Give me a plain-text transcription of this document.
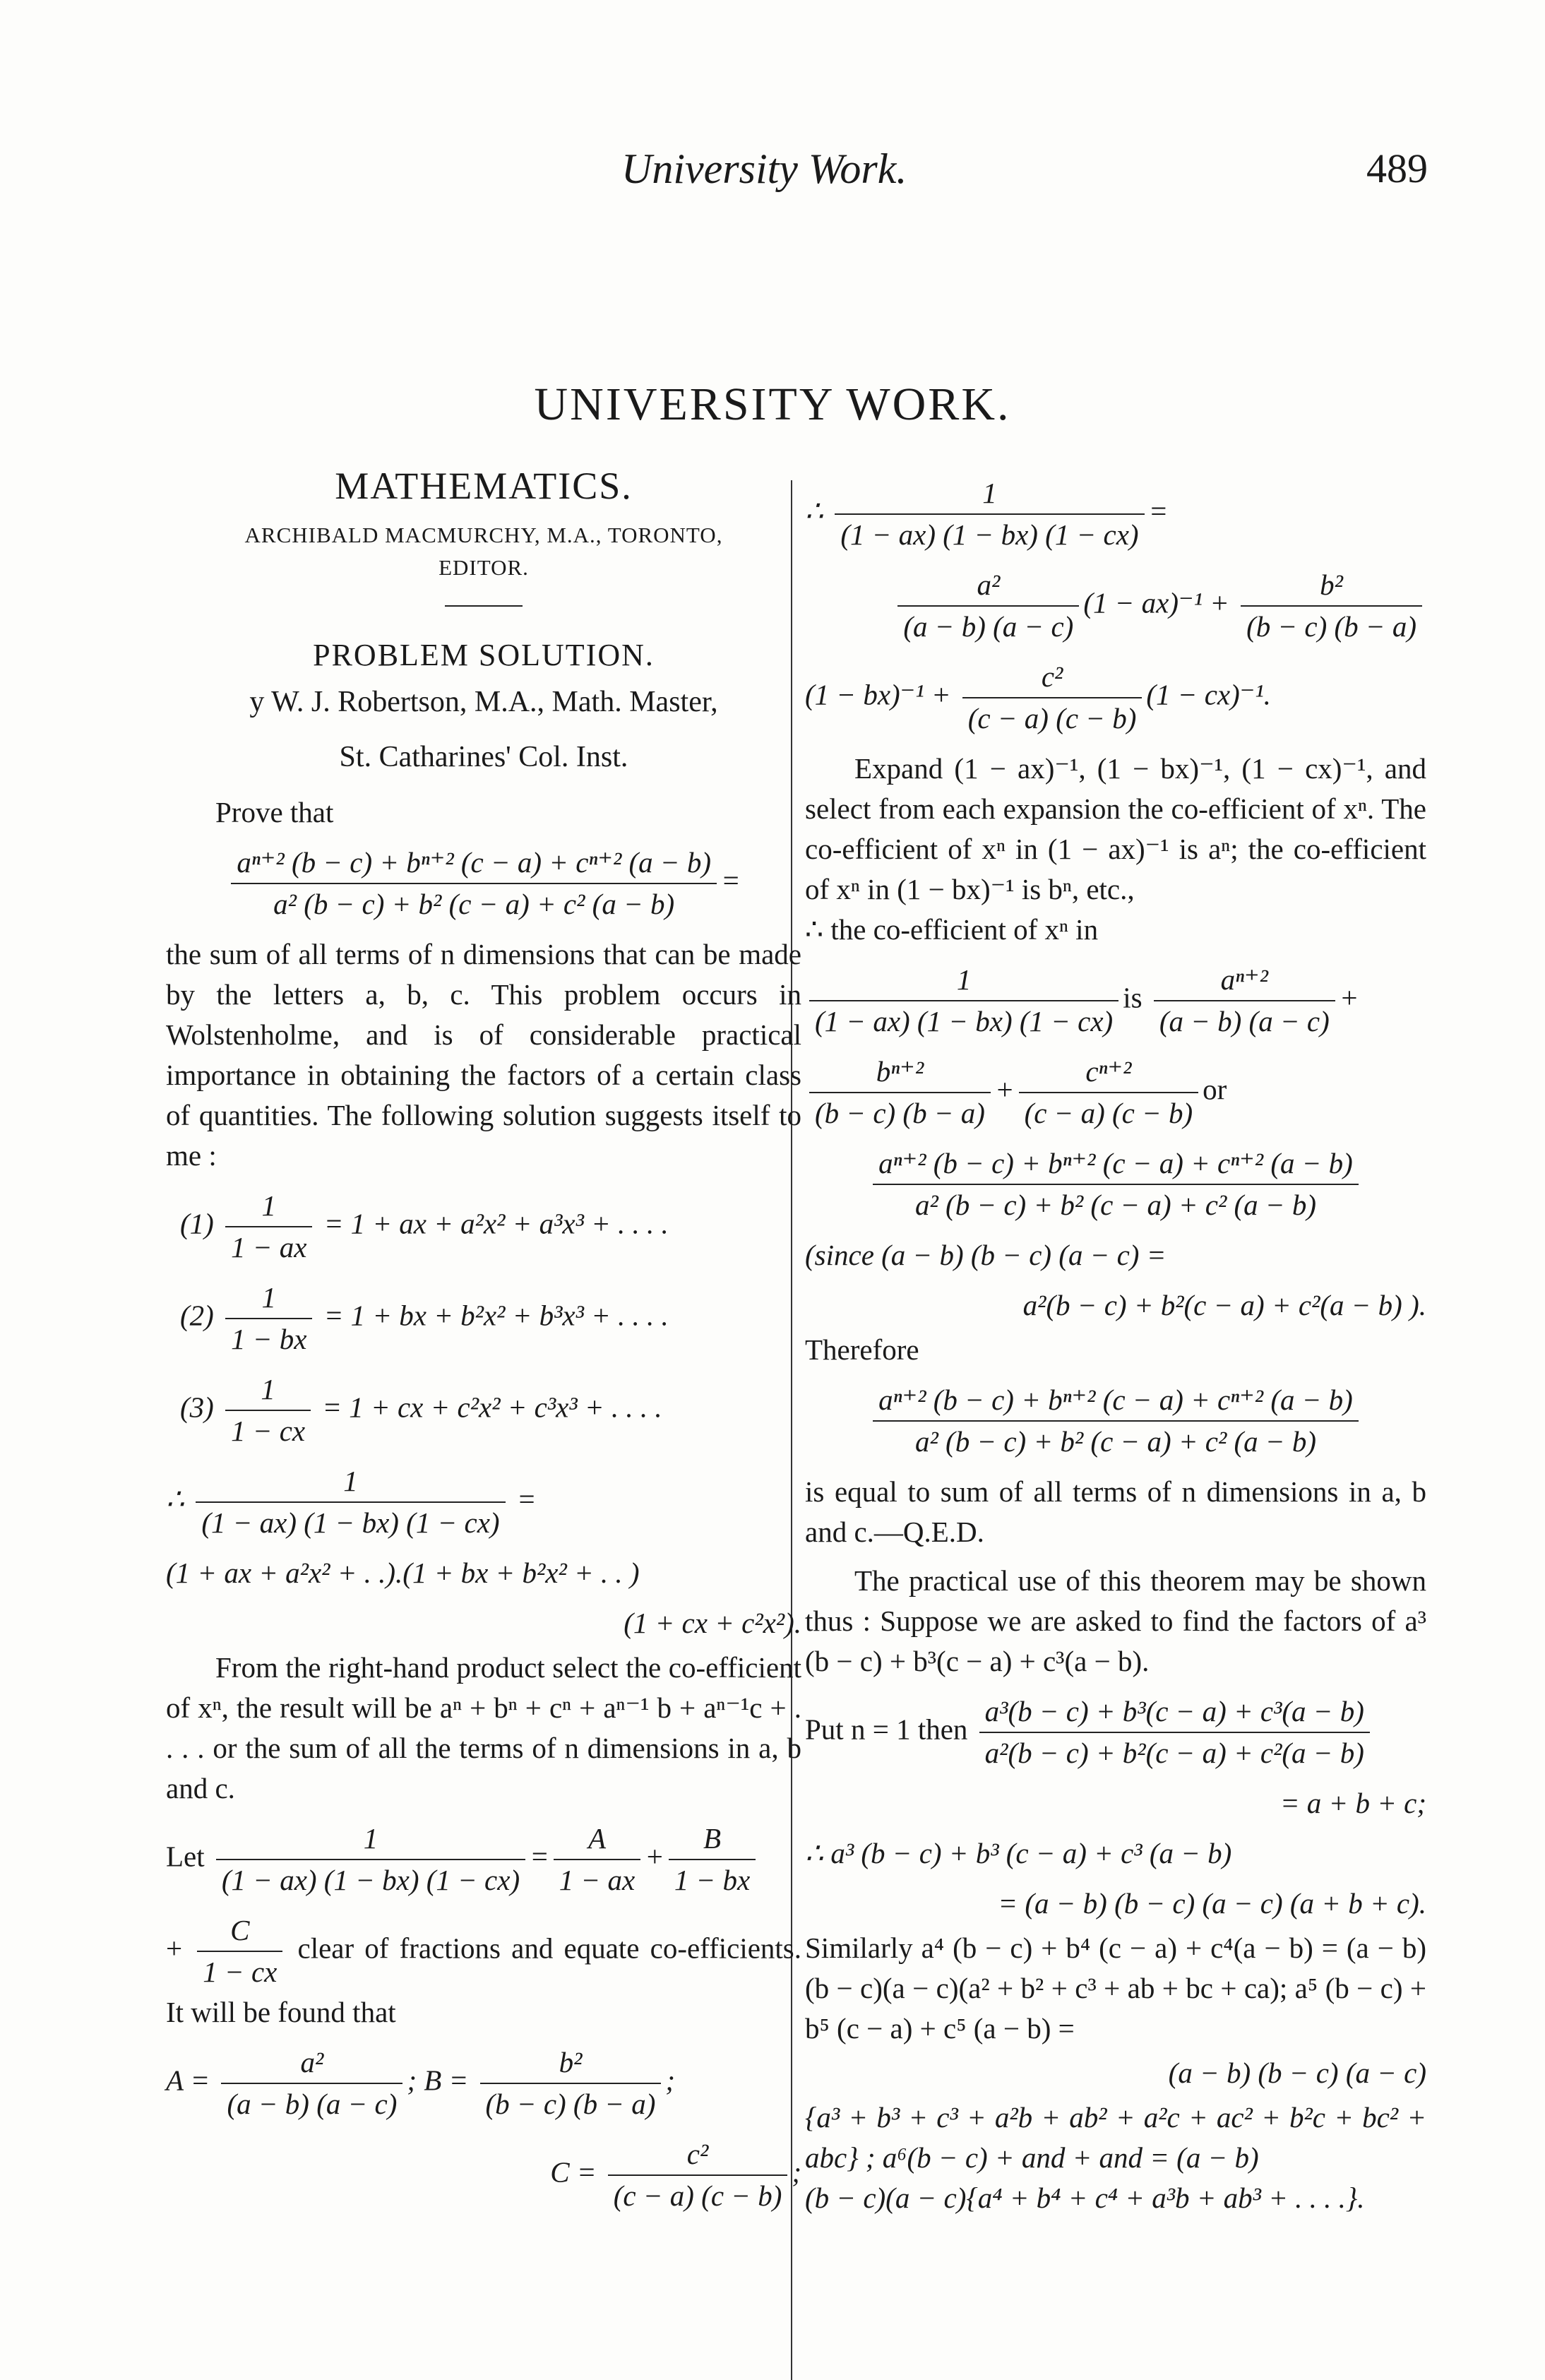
University Work.	489
UNIVERSITY WORK.
MATHEMATICS.
ARCHIBALD MACMURCHY, M.A., TORONTO,
EDITOR.
PROBLEM SOLUTION.
y W. J. Robertson, M.A., Math. Master,
St. Catharines' Col. Inst.

Prove that

$\frac{\text{aⁿ⁺² (b − c) + bⁿ⁺² (c − a) + cⁿ⁺² (a − b)}}{\text{a² (b − c) + b² (c − a) + c² (a − b)}}$ =

the sum of all terms of n dimensions that can be made by the letters a, b, c. This problem occurs in Wolstenholme, and is of considerable practical importance in obtaining the factors of a certain class of quantities. The following solution suggests itself to me :

$(1) \frac{1}{1 - ax} = 1$ + ax + a²x² + a³x³ + . . . .
$(2) \frac{1}{1 - bx} = 1$ + bx + b²x² + b³x³ + . . . .
$(3) \frac{1}{1 - cx} = 1$ + cx + c²x² + c³x³ + . . . .
∴ $\frac{1}{(1 - ax) (1 - bx) (1 - cx)}$ =
(1 + ax + a²x² + . .).(1 + bx + b²x² + . . )
(1 + cx + c²x²).

From the right-hand product select the co-efficient of xⁿ, the result will be aⁿ + bⁿ + cⁿ + aⁿ⁻¹ b + aⁿ⁻¹c + . . . . or the sum of all the terms of n dimensions in a, b and c.

Let $\frac{1}{(1 - ax) (1 - bx) (1 - cx)} = \frac{A}{1 - ax} + \frac{B}{1 - bx}$

+ $\frac{C}{1 - cx}$ clear of fractions and equate co-efficients. It will be found that

$A = \frac{\text{a²}}{(a - b) (a - c)}$ ; $B = \frac{\text{b²}}{(b - c) (b - a)}$ ;
$C = \frac{\text{c²}}{(c - a) (c - b)}$ ;
∴ $\frac{1}{(1 - ax) (1 - bx) (1 - cx)}$ =
$\frac{\text{a²}}{(a - b) (a - c)} (1 - ax)^{-1} + \frac{\text{b²}}{(b - c) (b - a)}$
$(1 - bx)^{-1} + \frac{\text{c²}}{(c - a) (c - b)} (1 - cx)^{-1}$.

Expand (1 − ax)⁻¹, (1 − bx)⁻¹, (1 − cx)⁻¹, and select from each expansion the co-efficient of xⁿ. The co-efficient of xⁿ in (1 − ax)⁻¹ is aⁿ; the co-efficient of xⁿ in (1 − bx)⁻¹ is bⁿ, etc.,

∴ the co-efficient of xⁿ in

$\frac{1}{(1 - ax) (1 - bx) (1 - cx)}$ is $\frac{\text{aⁿ⁺²}}{(a - b) (a - c)}$ +
$\frac{\text{bⁿ⁺²}}{(b - c) (b - a)} + \frac{\text{cⁿ⁺²}}{(c - a) (c - b)}$ or
$\frac{\text{aⁿ⁺² (b − c) + bⁿ⁺² (c − a) + cⁿ⁺² (a − b)}}{\text{a² (b − c) + b² (c − a) + c² (a − b)}}$
(since (a − b) (b − c) (a − c) =
a²(b − c) + b²(c − a) + c²(a − b) ).

Therefore

$\frac{\text{aⁿ⁺² (b − c) + bⁿ⁺² (c − a) + cⁿ⁺² (a − b)}}{\text{a² (b − c) + b² (c − a) + c² (a − b)}}$

is equal to sum of all terms of n dimensions in a, b and c.—Q.E.D.

The practical use of this theorem may be shown thus : Suppose we are asked to find the factors of a³ (b − c) + b³(c − a) + c³(a − b).

Put n = 1 then $\frac{\text{a³(b − c) + b³(c − a) + c³(a − b)}}{\text{a²(b − c) + b²(c − a) + c²(a − b)}}$
= a + b + c;
∴ a³ (b − c) + b³ (c − a) + c³ (a − b)
= (a − b) (b − c) (a − c) (a + b + c).

Similarly a⁴ (b − c) + b⁴ (c − a) + c⁴(a − b) = (a − b)(b − c)(a − c)(a² + b² + c³ + ab + bc + ca); a⁵ (b − c) + b⁵ (c − a) + c⁵ (a − b) =

(a − b) (b − c) (a − c)

{a³ + b³ + c³ + a²b + ab² + a²c + ac² + b²c + bc² + abc} ; a⁶(b − c) + and + and = (a − b)

(b − c)(a − c){a⁴ + b⁴ + c⁴ + a³b + ab³ + . . . .}.
